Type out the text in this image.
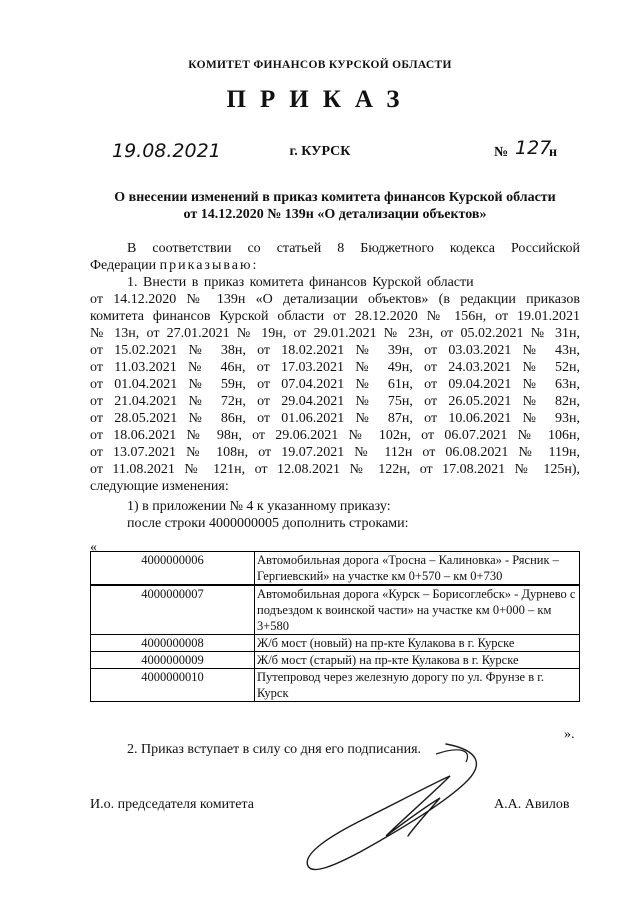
КОМИТЕТ ФИНАНСОВ КУРСКОЙ ОБЛАСТИ
ПРИКАЗ
19.08.2021	г. КУРСК	№ 127
н
О внесении изменений в приказ комитета финансов Курской области
от 14.12.2020 № 139н «О детализации объектов»
В соответствии со статьей 8 Бюджетного кодекса Российской
Федерации приказываю:
1. Внести в приказ комитета финансов Курской области
от 14.12.2020 № 139н «О детализации объектов» (в редакции приказов
комитета финансов Курской области от 28.12.2020 № 156н, от 19.01.2021
№ 13н, от 27.01.2021 № 19н, от 29.01.2021 № 23н, от 05.02.2021 № 31н,
от 15.02.2021 № 38н, от 18.02.2021 № 39н, от 03.03.2021 № 43н,
от 11.03.2021 № 46н, от 17.03.2021 № 49н, от 24.03.2021 № 52н,
от 01.04.2021 № 59н, от 07.04.2021 № 61н, от 09.04.2021 № 63н,
от 21.04.2021 № 72н, от 29.04.2021 № 75н, от 26.05.2021 № 82н,
от 28.05.2021 № 86н, от 01.06.2021 № 87н, от 10.06.2021 № 93н,
от 18.06.2021 № 98н, от 29.06.2021 № 102н, от 06.07.2021 № 106н,
от 13.07.2021 № 108н, от 19.07.2021 № 112н от 06.08.2021 № 119н,
от 11.08.2021 № 121н, от 12.08.2021 № 122н, от 17.08.2021 № 125н),
следующие изменения:
1) в приложении № 4 к указанному приказу:
после строки 4000000005 дополнить строками:
«
4000000006	Автомобильная дорога «Тросна – Калиновка» - Рясник – Гергиевский» на участке км 0+570 – км 0+730
4000000007	Автомобильная дорога «Курск – Борисоглебск» - Дурнево с подъездом к воинской части» на участке км 0+000 – км 3+580
4000000008	Ж/б мост (новый) на пр-кте Кулакова в г. Курске
4000000009	Ж/б мост (старый) на пр-кте Кулакова в г. Курске
4000000010	Путепровод через железную дорогу по ул. Фрунзе в г. Курск
».
2. Приказ вступает в силу со дня его подписания.
И.о. председателя комитета	А.А. Авилов
